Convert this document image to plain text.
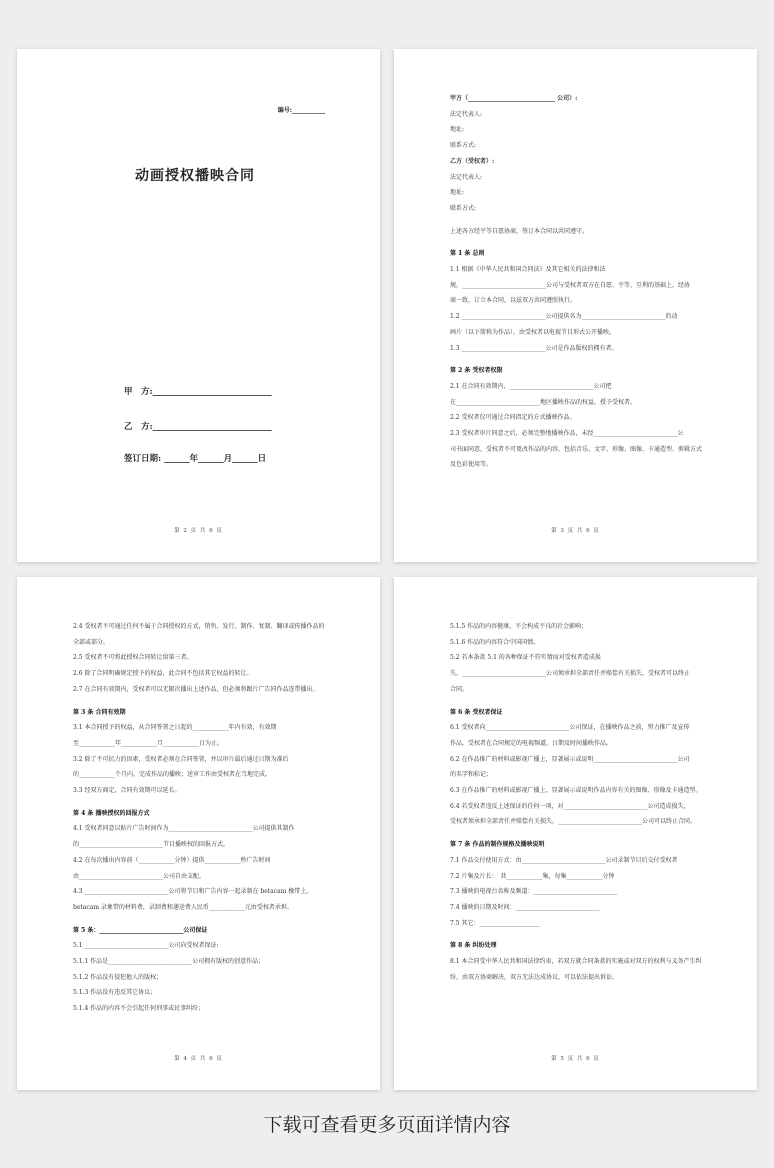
编号:___________
动画授权播映合同
甲　方:____________________________
乙　方:____________________________
签订日期: ______年______月______日
第 2 页 共 6 页
甲方（_____________________________ 公司）:
法定代表人:
地址:
联系方式:
乙方（受权者）:
法定代表人:
地址:
联系方式:
上述各方经平等自愿协商，签订本合同以共同遵守。
第 1 条 总则
1.1 根据《中华人民共和国合同法》及其它相关的法律和法
规，____________________________公司与受权者双方在自愿、平等、互利的基础上，经协
商一致，订立本合同，以兹双方共同遵照执行。
1.2 ____________________________公司提供名为____________________________的动
画片（以下简称为作品），由受权者以电视节目形式公开播映。
1.3 ____________________________公司是作品版权的拥有者。
第 2 条 受权者权限
2.1 在合同有效期内，____________________________公司把
在____________________________地区播映作品的权益，授予受权者。
2.2 受权者仅可通过合同指定的方式播映作品。
2.3 受权者审片同意之后，必须完整地播映作品，未经____________________________公
司书面同意，受权者不可更改作品的内容，包括音乐、文字、形像、图像、卡通造型、剪辑方式
及色彩使用等。
第 3 页 共 6 页
2.4 受权者不可通过任何不属于合同授权的方式，销售、发行、制作、复制、翻译或传播作品的
全部或部分。
2.5 受权者不可将此授权合同转让给第三者。
2.6 除了合同明确规定授予的权益，此合同不包括其它权益的转让。
2.7 在合同有效期内，受权者可以无限次播出上述作品，但必须将跟片广告同作品连带播出。
第 3 条 合同有效期
3.1 本合同授予的权益，从合同签署之日起的____________年内有效，有效期
至____________年____________月____________日为止。
3.2 除了不可抗力的因素，受权者必须在合同签署，并以审片最后通过日期为准后
的____________个月内，完成作品的播映；送审工作由受权者在当地完成。
3.3 经双方商定，合同有效期可以延长。
第 4 条 播映授权的回报方式
4.1 受权者同意以贴片广告时间作为____________________________公司提供其制作
的____________________________节目播映权的回报方式。
4.2 在每次播出内容前（____________分钟）提供____________秒广告时间
由____________________________公司自由支配。
4.3 ____________________________公司将节目和广告内容一起录制在 betacam 橡带上，
betacam 录象带的材料费，录制费和递送费人民币____________元由受权者承担。
第 5 条：____________________________公司保证
5.1 ____________________________公司向受权者保证:
5.1.1 作品是____________________________公司拥有版权的创意作品；
5.1.2 作品没有侵犯他人的版权；
5.1.3 作品没有违反其它协议；
5.1.4 作品的内容不会引起任何刑事或民事纠纷；
第 4 页 共 6 页
5.1.5 作品的内容健康，不会构成不良的社会影响；
5.1.6 作品的内容符合中国国情。
5.2 若本条款 5.1 的各种保证不符实情而对受权者造成损
失，____________________________公司须承担全部责任并赔偿有关损失，受权者可以终止
合同。
第 6 条 受权者保证
6.1 受权者向____________________________公司保证，在播映作品之前，努力推广及宣传
作品，受权者在合同规定的电视频道，日期及时间播映作品。
6.2 在作品推广的材料或影视广播上，显著展示或说明____________________________公司
的名字和标记；
6.3 在作品推广的材料或影视广播上，显著展示或说明作品内容有关的图像、形像及卡通造型。
6.4 若受权者违反上述保证的任何一项，对____________________________公司造成损失，
受权者须承担全部责任并赔偿有关损失，____________________________公司可以终止合同。
第 7 条 作品的制作规格及播映说明
7.1 作品交付使用方式：由____________________________公司录制节目后交付受权者
7.2 片集及片长：　共____________集，每集____________分钟
7.3 播映的电视台名称及频道：____________________________
7.4 播映的日期及时间：____________________________
7.5 其它：____________________
第 8 条 纠纷处理
8.1 本合同受中华人民共和国法律约束，若双方就合同条款的实施或对双方的权利与义务产生纠
纷，由双方协商解决，双方无法达成协议，可以依法提出诉讼。
第 5 页 共 6 页
下载可查看更多页面详情内容
